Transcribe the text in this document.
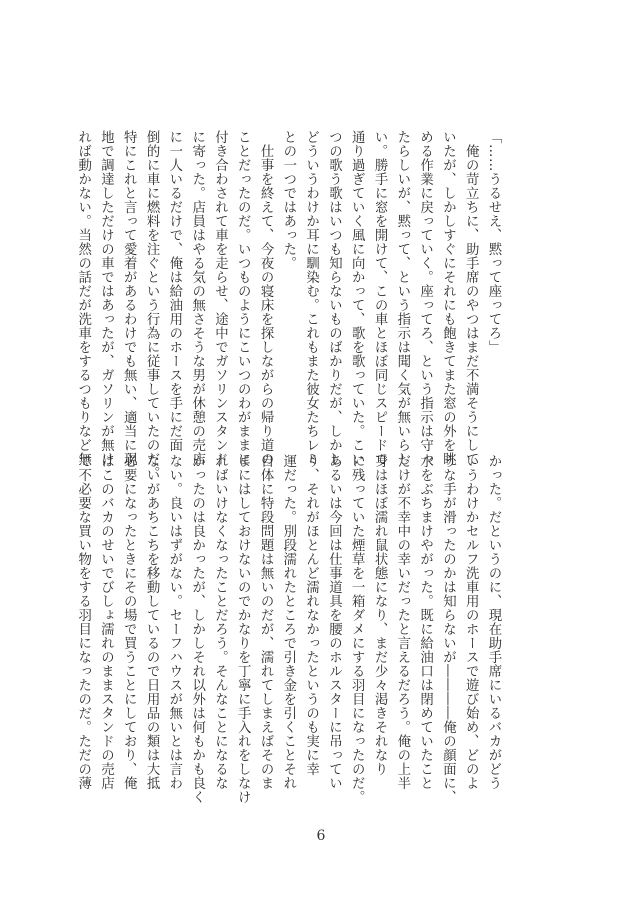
「……うるせえ、黙って座ってろ」
　俺の苛立ちに、助手席のやつはまだ不満そうにして
いたが、しかしすぐにそれにも飽きてまた窓の外を眺
める作業に戻っていく。座ってろ、という指示は守っ
たらしいが、黙って、という指示は聞く気が無いらし
い。勝手に窓を開けて、この車とほぼ同じスピードで
通り過ぎていく風に向かって、歌を歌っていた。こい
つの歌う歌はいつも知らないものばかりだが、しかし
どういうわけか耳に馴染む。これもまた彼女たちレミ
との一つではあった。
　仕事を終えて、今夜の寝床を探しながらの帰り道の
ことだったのだ。いつものようにこいつのわがままに
付き合わされて車を走らせ、途中でガソリンスタンド
に寄った。店員はやる気の無さそうな男が休憩の売店
に一人いるだけで、俺は給油用のホースを手にだ面
倒的に車に燃料を注ぐという行為に従事していたのだ。
特にこれと言って愛着があるわけでも無い、適当に現
地で調達しただけの車ではあったが、ガソリンが無け
れば動かない。当然の話だが洗車をするつもりなど無
かった。だというのに、現在助手席にいるバカがどう
いうわけかセルフ洗車用のホースで遊び始め、どのよ
うな手が滑ったのかは知らないが――――俺の顔面に、
水をぶちまけやがった。既に給油口は閉めていたこと
だけが不幸中の幸いだったと言えるだろう。俺の上半
身はほぼ濡れ鼠状態になり、まだ少々渇きそれなり
に残っていた煙草を一箱ダメにする羽目になったのだ。
あるいは今回は仕事道具を腰のホルスターに吊ってい
り、それがほとんど濡れなかったというのも実に幸
運だった。別段濡れたところで引き金を引くことそれ
自体に特段問題は無いのだが、濡れてしまえばそのま
まにはしておけないのでかなりを丁寧に手入れをしなけ
ればいけなくなったことだろう。そんなことになるな
かったのは良かったが、しかしそれ以外は何もかも良く
ない。良いはずがない。セーフハウスが無いとは言わ
ないがあちこちを移動しているので日用品の類は大抵
必要になったときにその場で買うことにしており、俺
はこのバカのせいでびしょ濡れのままスタンドの売店
で不必要な買い物をする羽目になったのだ。ただの薄
6
